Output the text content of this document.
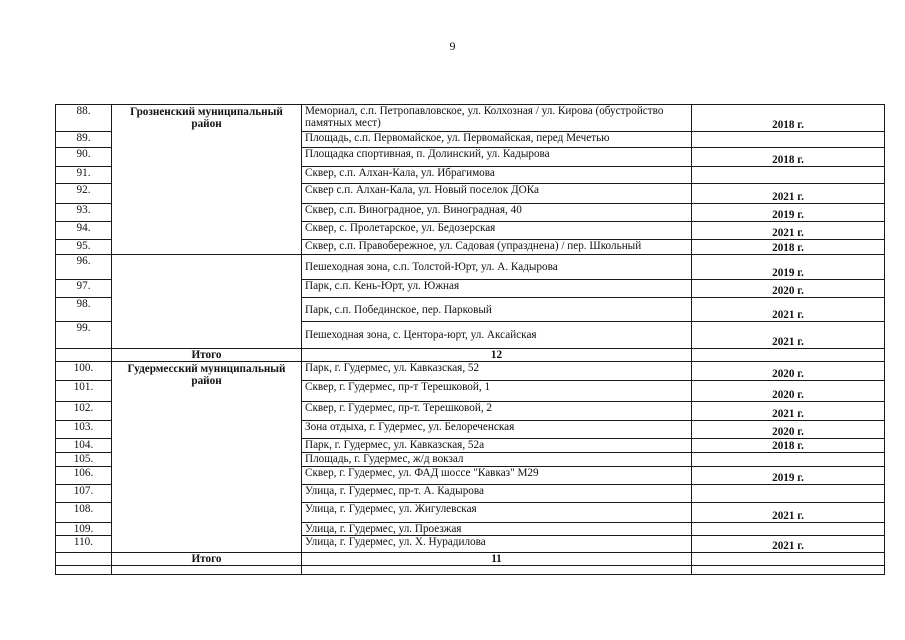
9
88.	Грозненский муниципальный район	Мемориал, с.п. Петропавловское, ул. Колхозная / ул. Кирова (обустройство памятных мест)	2018 г.
89.		Площадь, с.п. Первомайское, ул. Первомайская, перед Мечетью	
90.		Площадка спортивная, п. Долинский, ул. Кадырова	2018 г.
91.		Сквер, с.п. Алхан-Кала, ул. Ибрагимова	
92.		Сквер с.п. Алхан-Кала, ул. Новый поселок ДОКа	2021 г.
93.		Сквер, с.п. Виноградное, ул. Виноградная, 40	2019 г.
94.		Сквер, с. Пролетарское, ул. Бедозерская	2021 г.
95.		Сквер, с.п. Правобережное, ул. Садовая (упразднена) / пер. Школьный	2018 г.
96.		Пешеходная зона, с.п. Толстой-Юрт, ул. А. Кадырова	2019 г.
97.		Парк, с.п. Кень-Юрт, ул. Южная	2020 г.
98.		Парк, с.п. Побединское, пер. Парковый	2021 г.
99.		Пешеходная зона, с. Центора-юрт, ул. Аксайская	2021 г.
	Итого	12	
100.	Гудермесский муниципальный район	Парк, г. Гудермес, ул. Кавказская, 52	2020 г.
101.		Сквер, г. Гудермес, пр-т Терешковой, 1	2020 г.
102.		Сквер, г. Гудермес, пр-т. Терешковой, 2	2021 г.
103.		Зона отдыха, г. Гудермес, ул. Белореченская	2020 г.
104.		Парк, г. Гудермес, ул. Кавказская, 52а	2018 г.
105.		Площадь, г. Гудермес, ж/д вокзал	
106.		Сквер, г. Гудермес, ул. ФАД шоссе "Кавказ" М29	2019 г.
107.		Улица, г. Гудермес, пр-т. А. Кадырова	
108.		Улица, г. Гудермес, ул. Жигулевская	2021 г.
109.		Улица, г. Гудермес, ул. Проезжая	
110.		Улица, г. Гудермес, ул. Х. Нурадилова	2021 г.
	Итого	11	
